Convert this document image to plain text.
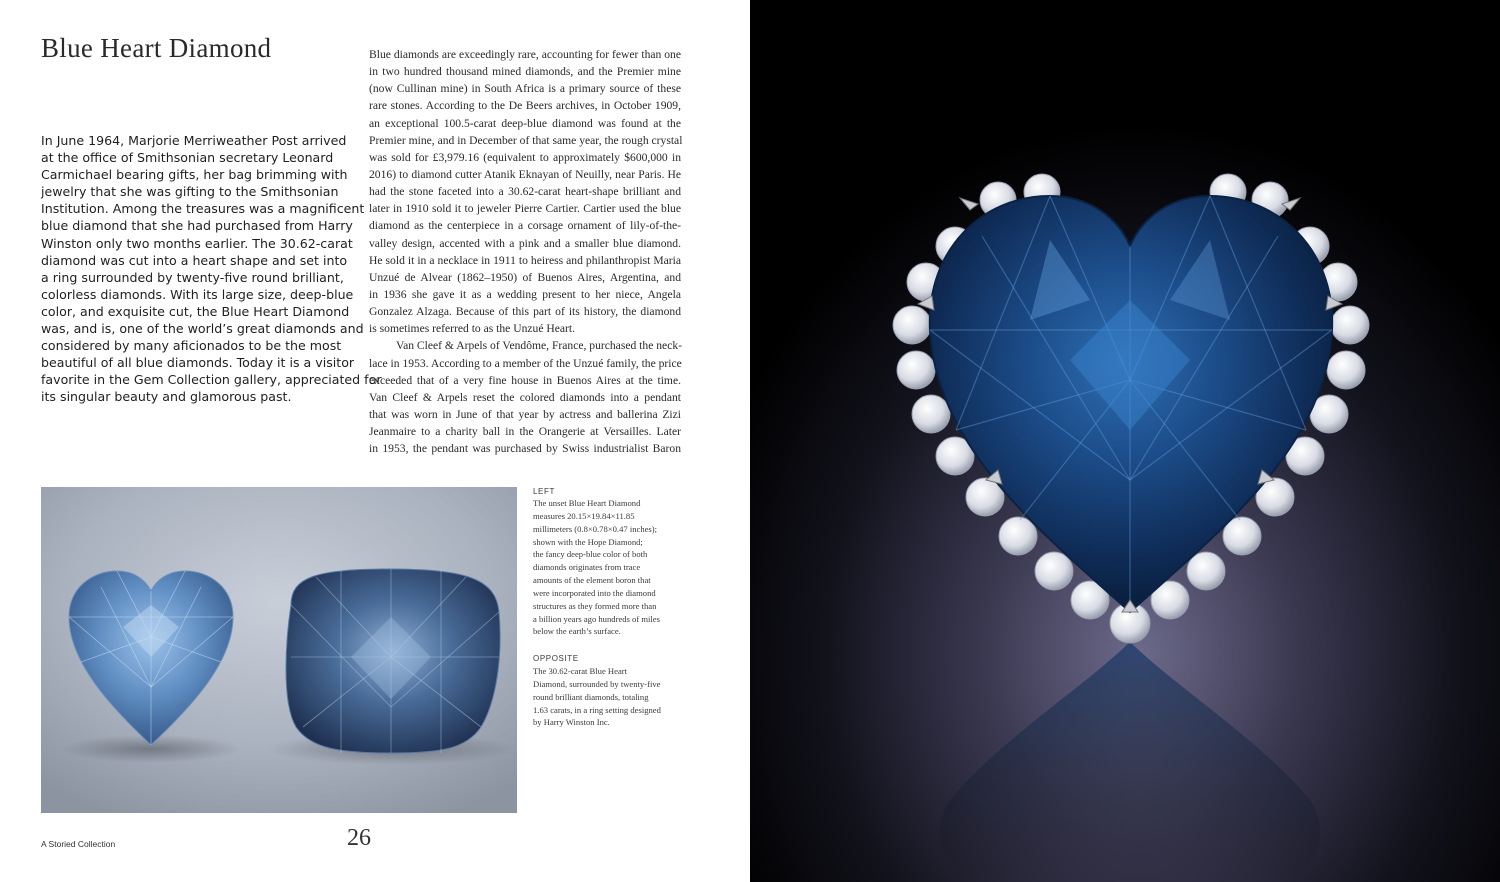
Blue Heart Diamond
In June 1964, Marjorie Merriweather Post arrived
at the office of Smithsonian secretary Leonard
Carmichael bearing gifts, her bag brimming with
jewelry that she was gifting to the Smithsonian
Institution. Among the treasures was a magnificent
blue diamond that she had purchased from Harry
Winston only two months earlier. The 30.62-carat
diamond was cut into a heart shape and set into
a ring surrounded by twenty-five round brilliant,
colorless diamonds. With its large size, deep-blue
color, and exquisite cut, the Blue Heart Diamond
was, and is, one of the world’s great diamonds and
considered by many aficionados to be the most
beautiful of all blue diamonds. Today it is a visitor
favorite in the Gem Collection gallery, appreciated for
its singular beauty and glamorous past.
Blue diamonds are exceedingly rare, accounting for fewer than one
in two hundred thousand mined diamonds, and the Premier mine
(now Cullinan mine) in South Africa is a primary source of these
rare stones. According to the De Beers archives, in October 1909,
an exceptional 100.5-carat deep-blue diamond was found at the
Premier mine, and in December of that same year, the rough crystal
was sold for £3,979.16 (equivalent to approximately $600,000 in
2016) to diamond cutter Atanik Eknayan of Neuilly, near Paris. He
had the stone faceted into a 30.62-carat heart-shape brilliant and
later in 1910 sold it to jeweler Pierre Cartier. Cartier used the blue
diamond as the centerpiece in a corsage ornament of lily-of-the-
valley design, accented with a pink and a smaller blue diamond.
He sold it in a necklace in 1911 to heiress and philanthropist Maria
Unzué de Alvear (1862–1950) of Buenos Aires, Argentina, and
in 1936 she gave it as a wedding present to her niece, Angela
Gonzalez Alzaga. Because of this part of its history, the diamond
is sometimes referred to as the Unzué Heart.
Van Cleef & Arpels of Vendôme, France, purchased the neck-
lace in 1953. According to a member of the Unzué family, the price
exceeded that of a very fine house in Buenos Aires at the time.
Van Cleef & Arpels reset the colored diamonds into a pendant
that was worn in June of that year by actress and ballerina Zizi
Jeanmaire to a charity ball in the Orangerie at Versailles. Later
in 1953, the pendant was purchased by Swiss industrialist Baron
LEFT
The unset Blue Heart Diamond
measures 20.15×19.84×11.85
millimeters (0.8×0.78×0.47 inches);
shown with the Hope Diamond;
the fancy deep-blue color of both
diamonds originates from trace
amounts of the element boron that
were incorporated into the diamond
structures as they formed more than
a billion years ago hundreds of miles
below the earth’s surface.
OPPOSITE
The 30.62-carat Blue Heart
Diamond, surrounded by twenty-five
round brilliant diamonds, totaling
1.63 carats, in a ring setting designed
by Harry Winston Inc.
A Storied Collection	26
